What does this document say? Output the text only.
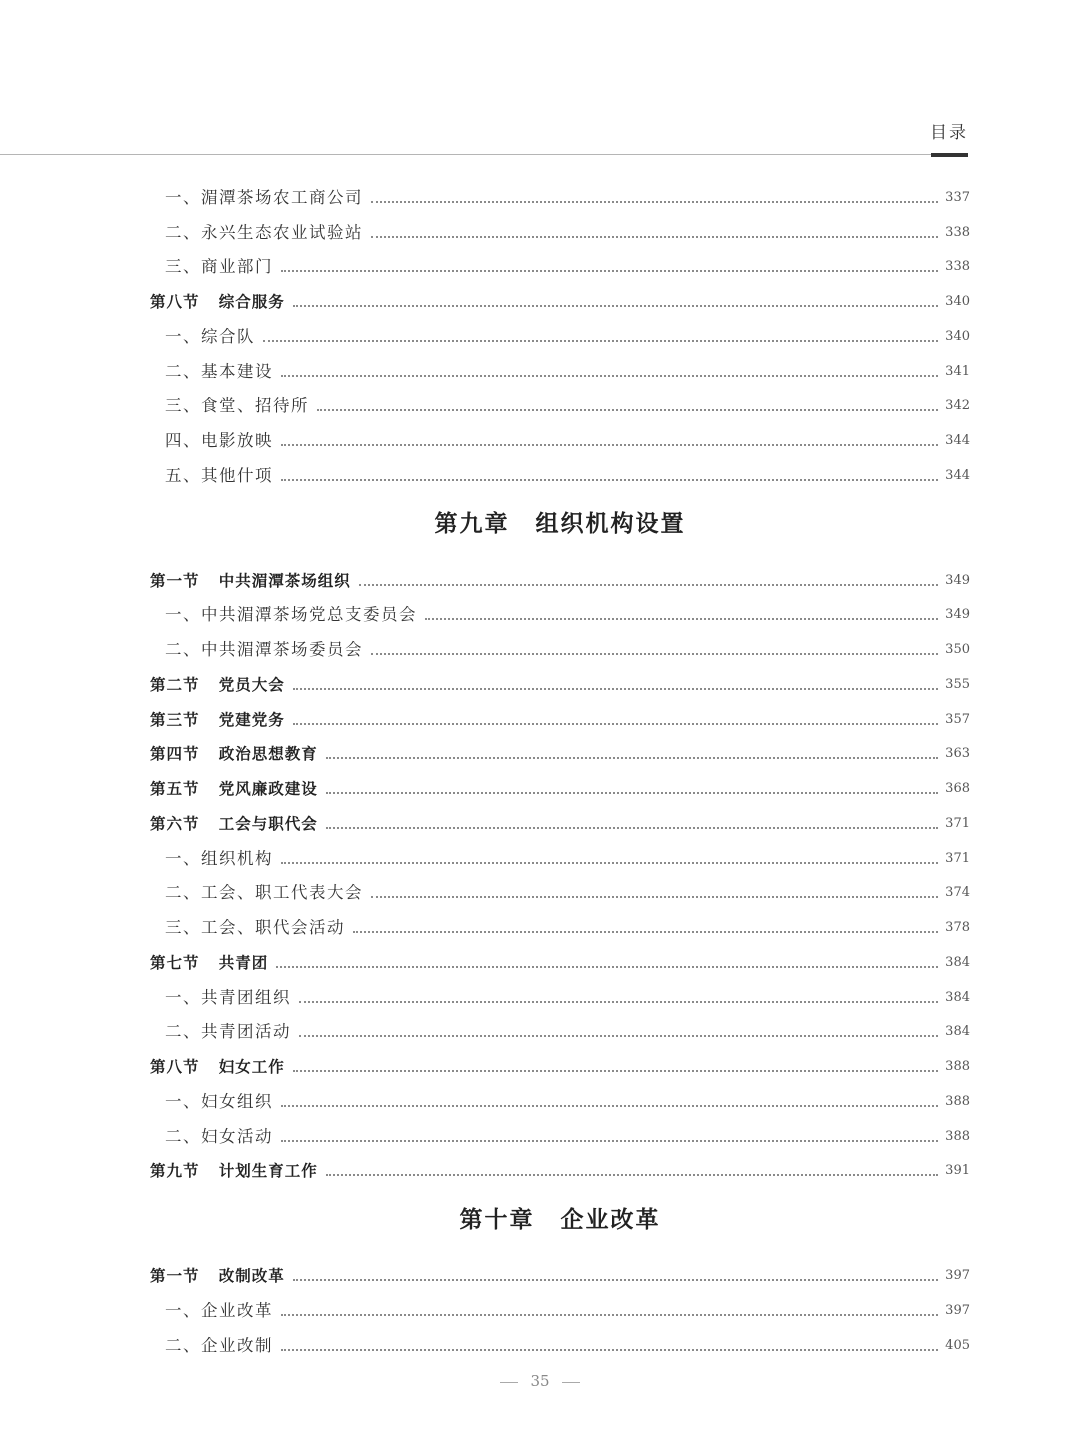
目录
一、湄潭茶场农工商公司	337
二、永兴生态农业试验站	338
三、商业部门	338
第八节   综合服务	340
一、综合队	340
二、基本建设	341
三、食堂、招待所	342
四、电影放映	344
五、其他什项	344
第九章 组织机构设置
第一节   中共湄潭茶场组织	349
一、中共湄潭茶场党总支委员会	349
二、中共湄潭茶场委员会	350
第二节   党员大会	355
第三节   党建党务	357
第四节   政治思想教育	363
第五节   党风廉政建设	368
第六节   工会与职代会	371
一、组织机构	371
二、工会、职工代表大会	374
三、工会、职代会活动	378
第七节   共青团	384
一、共青团组织	384
二、共青团活动	384
第八节   妇女工作	388
一、妇女组织	388
二、妇女活动	388
第九节   计划生育工作	391
第十章 企业改革
第一节   改制改革	397
一、企业改革	397
二、企业改制	405
35
